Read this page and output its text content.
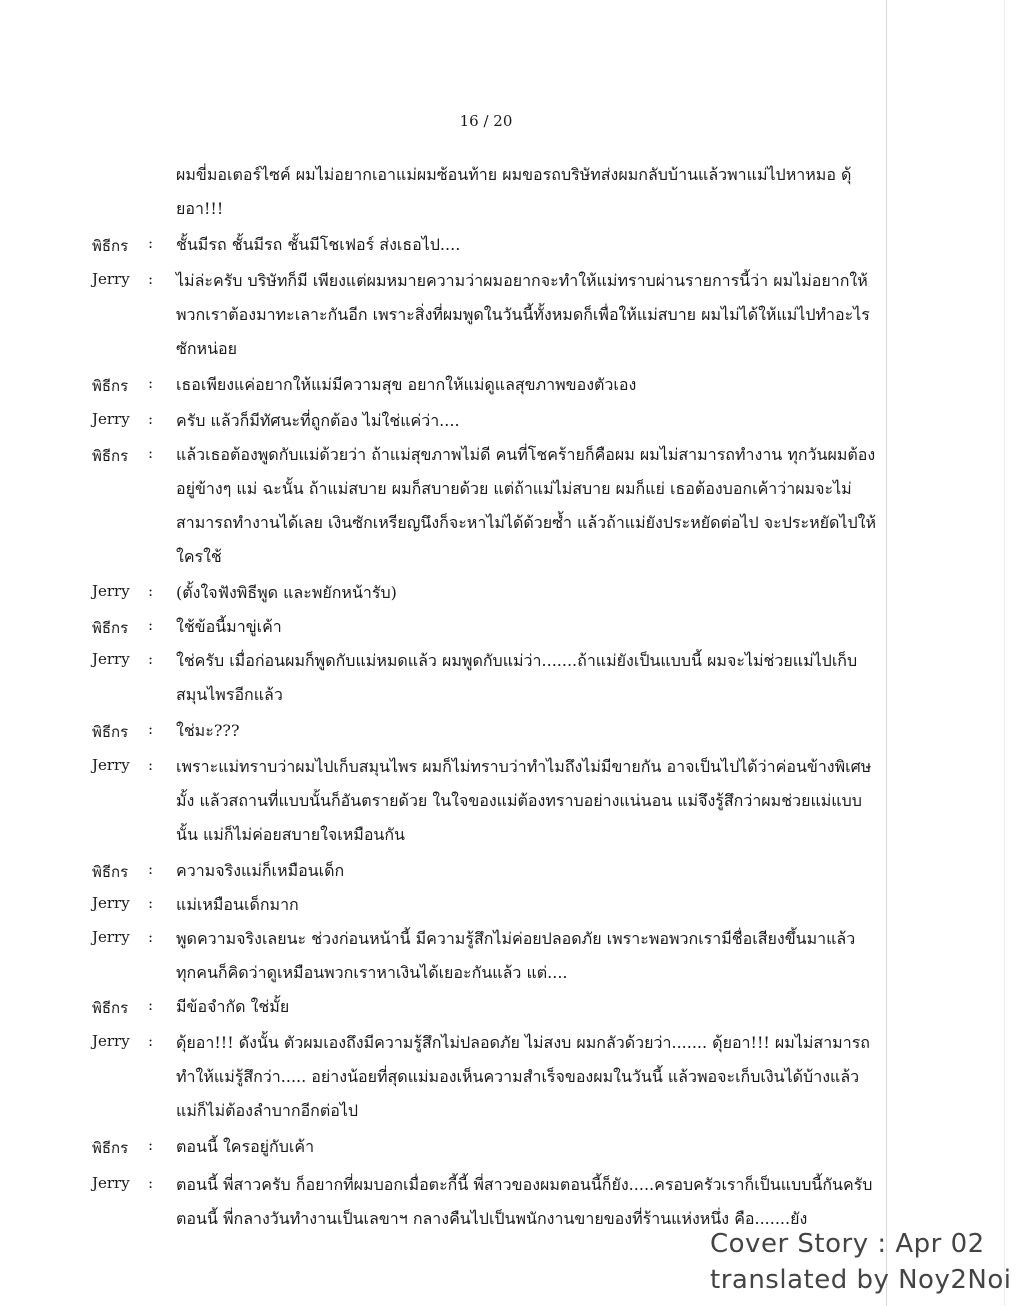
16 / 20
ผมขี่มอเตอร์ไซค์ ผมไม่อยากเอาแม่ผมซ้อนท้าย ผมขอรถบริษัทส่งผมกลับบ้านแล้วพาแม่ไปหาหมอ ดุ้ยอา!!!
พิธีกร : ชั้นมีรถ ชั้นมีรถ ชั้นมีโชเฟอร์ ส่งเธอไป....
Jerry : ไม่ล่ะครับ บริษัทก็มี เพียงแต่ผมหมายความว่าผมอยากจะทำให้แม่ทราบผ่านรายการนี้ว่า ผมไม่อยากให้พวกเราต้องมาทะเลาะกันอีก เพราะสิ่งที่ผมพูดในวันนี้ทั้งหมดก็เพื่อให้แม่สบาย ผมไม่ได้ให้แม่ไปทำอะไรซักหน่อย
พิธีกร : เธอเพียงแค่อยากให้แม่มีความสุข อยากให้แม่ดูแลสุขภาพของตัวเอง
Jerry : ครับ แล้วก็มีทัศนะที่ถูกต้อง ไม่ใช่แค่ว่า....
พิธีกร : แล้วเธอต้องพูดกับแม่ด้วยว่า ถ้าแม่สุขภาพไม่ดี คนที่โชคร้ายก็คือผม ผมไม่สามารถทำงาน ทุกวันผมต้องอยู่ข้างๆ แม่ ฉะนั้น ถ้าแม่สบาย ผมก็สบายด้วย แต่ถ้าแม่ไม่สบาย ผมก็แย่ เธอต้องบอกเค้าว่าผมจะไม่สามารถทำงานได้เลย เงินซักเหรียญนึงก็จะหาไม่ได้ด้วยซ้ำ แล้วถ้าแม่ยังประหยัดต่อไป จะประหยัดไปให้ใครใช้
Jerry : (ตั้งใจฟังพิธีพูด และพยักหน้ารับ)
พิธีกร : ใช้ข้อนี้มาขู่เค้า
Jerry : ใช่ครับ เมื่อก่อนผมก็พูดกับแม่หมดแล้ว ผมพูดกับแม่ว่า.......ถ้าแม่ยังเป็นแบบนี้ ผมจะไม่ช่วยแม่ไปเก็บสมุนไพรอีกแล้ว
พิธีกร : ใช่มะ???
Jerry : เพราะแม่ทราบว่าผมไปเก็บสมุนไพร ผมก็ไม่ทราบว่าทำไมถึงไม่มีขายกัน อาจเป็นไปได้ว่าค่อนข้างพิเศษมั้ง แล้วสถานที่แบบนั้นก็อันตรายด้วย ในใจของแม่ต้องทราบอย่างแน่นอน แม่จึงรู้สึกว่าผมช่วยแม่แบบนั้น แม่ก็ไม่ค่อยสบายใจเหมือนกัน
พิธีกร : ความจริงแม่ก็เหมือนเด็ก
Jerry : แม่เหมือนเด็กมาก
Jerry : พูดความจริงเลยนะ ช่วงก่อนหน้านี้ มีความรู้สึกไม่ค่อยปลอดภัย เพราะพอพวกเรามีชื่อเสียงขึ้นมาแล้ว ทุกคนก็คิดว่าดูเหมือนพวกเราหาเงินได้เยอะกันแล้ว แต่....
พิธีกร : มีข้อจำกัด ใช่มั้ย
Jerry : ดุ้ยอา!!! ดังนั้น ตัวผมเองถึงมีความรู้สึกไม่ปลอดภัย ไม่สงบ ผมกลัวด้วยว่า....... ดุ้ยอา!!! ผมไม่สามารถทำให้แม่รู้สึกว่า..... อย่างน้อยที่สุดแม่มองเห็นความสำเร็จของผมในวันนี้ แล้วพอจะเก็บเงินได้บ้างแล้ว แม่ก็ไม่ต้องลำบากอีกต่อไป
พิธีกร : ตอนนี้ ใครอยู่กับเค้า
Jerry : ตอนนี้ พี่สาวครับ ก็อยากที่ผมบอกเมื่อตะกี้นี้ พี่สาวของผมตอนนี้ก็ยัง.....ครอบครัวเราก็เป็นแบบนี้กันครับ ตอนนี้ พี่กลางวันทำงานเป็นเลขาฯ กลางคืนไปเป็นพนักงานขายของที่ร้านแห่งหนึ่ง คือ.......ยัง
Cover Story : Apr 02
translated by Noy2Noi
